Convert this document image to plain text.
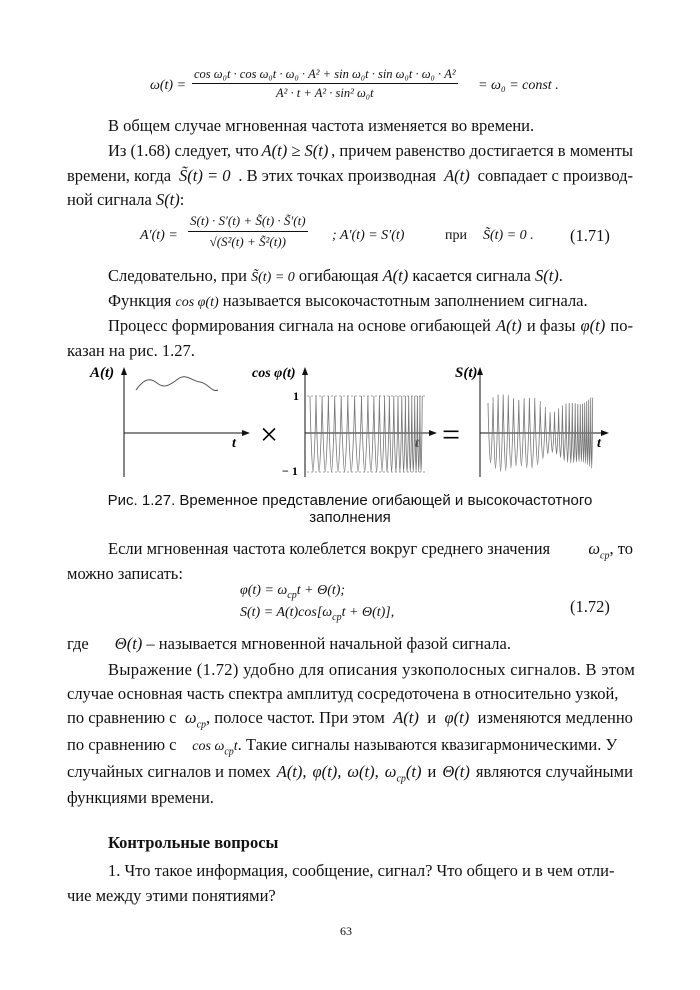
$\omega(t) = \frac{\text{cos ω₀t · cos ω₀t · ω₀ · A² + sin ω₀t · sin ω₀t · ω₀ · A²}}{\text{A² · t + A² · sin² ω₀t}} = \omega_0$ = const .
В общем случае мгновенная частота изменяется во времени.
Из (1.68) следует, что A(t) ≥ S(t) , причем равенство достигается в моменты
времени, когда S̃(t) = 0 . В этих точках производная A(t) совпадает с производ-
ной сигнала S(t):
$A'(t) = \frac{S(t) \cdot S'(t) + S̃(t) \cdot S̃'(t)}{\text{√(S²(t) + S̃²(t))}}$ ; A′(t) = S′(t)	при S̃(t) = 0 . (1.71)
Следовательно, при S̃(t) = 0 огибающая A(t) касается сигнала S(t).
Функция cos φ(t) называется высокочастотным заполнением сигнала.
Процесс формирования сигнала на основе огибающей A(t) и фазы φ(t) по-
казан на рис. 1.27.
A(t)
t ×
cos φ(t)
t
1
− 1
=
S(t)
t
Рис. 1.27. Временное представление огибающей и высокочастотного
заполнения
Если мгновенная частота колеблется вокруг среднего значения $\omega_{ср}$, то
можно записать:
$\varphi(t) = \omega_{ср}t + \Theta(t)$;
$S(t) = A(t)\cos[\omega_{ср}t + \Theta(t)]$,	(1.72)
где Θ(t) – называется мгновенной начальной фазой сигнала.
Выражение (1.72) удобно для описания узкополосных сигналов. В этом
случае основная часть спектра амплитуд сосредоточена в относительно узкой,
по сравнению с $\omega_{ср}$, полосе частот. При этом A(t) и φ(t) изменяются медленно
по сравнению с $\cos \omega_{ср}t$. Такие сигналы называются квазигармоническими. У
случайных сигналов и помех A(t), φ(t), ω(t), $\omega_{ср}(t)$ и Θ(t) являются случайными
функциями времени.
Контрольные вопросы
1. Что такое информация, сообщение, сигнал? Что общего и в чем отли-
чие между этими понятиями?
63
